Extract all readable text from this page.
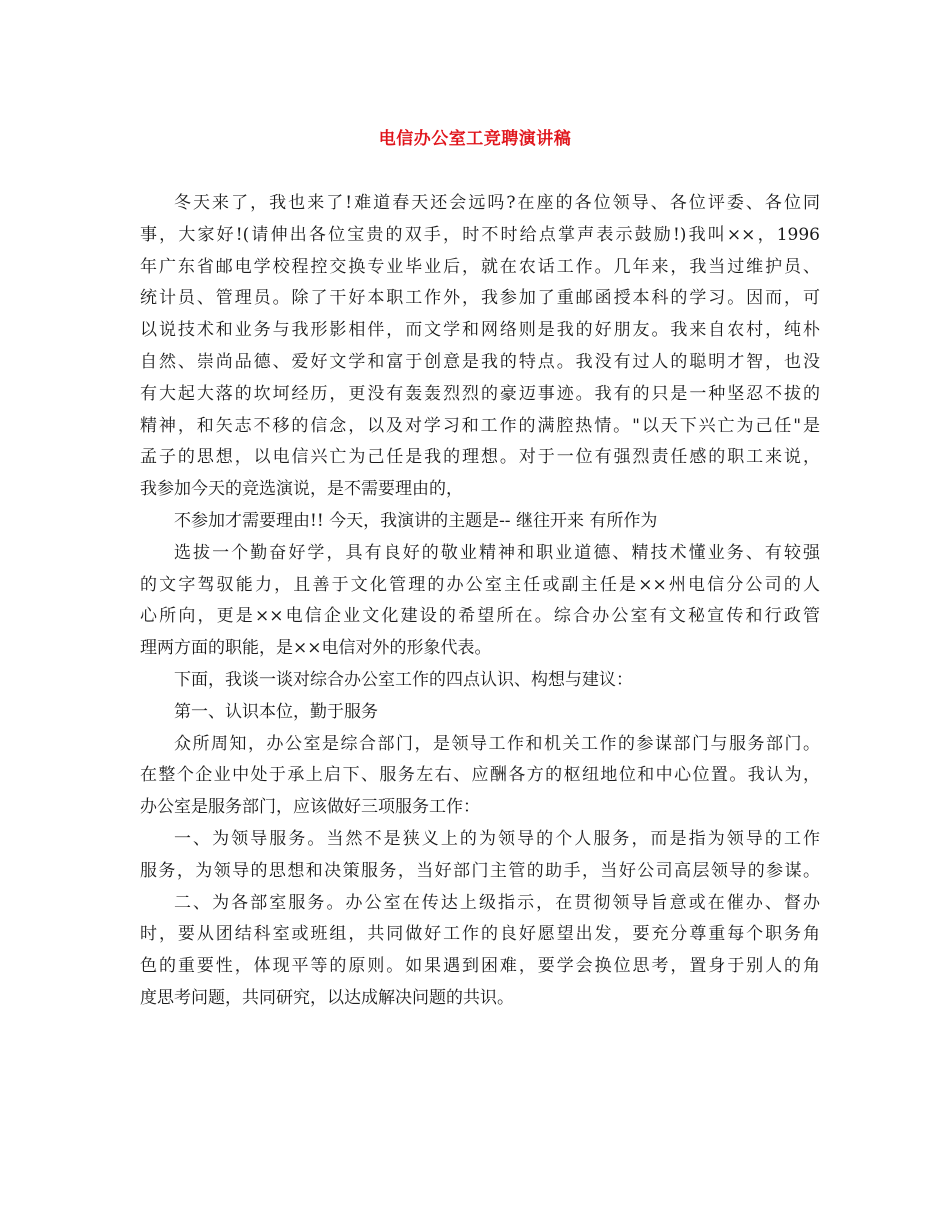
电信办公室工竞聘演讲稿
冬天来了，我也来了!难道春天还会远吗?在座的各位领导、各位评委、各位同
事，大家好!(请伸出各位宝贵的双手，时不时给点掌声表示鼓励!)我叫××，1996
年广东省邮电学校程控交换专业毕业后，就在农话工作。几年来，我当过维护员、
统计员、管理员。除了干好本职工作外，我参加了重邮函授本科的学习。因而，可
以说技术和业务与我形影相伴，而文学和网络则是我的好朋友。我来自农村，纯朴
自然、崇尚品德、爱好文学和富于创意是我的特点。我没有过人的聪明才智，也没
有大起大落的坎坷经历，更没有轰轰烈烈的豪迈事迹。我有的只是一种坚忍不拔的
精神，和矢志不移的信念，以及对学习和工作的满腔热情。"以天下兴亡为己任"是
孟子的思想，以电信兴亡为己任是我的理想。对于一位有强烈责任感的职工来说，
我参加今天的竞选演说，是不需要理由的，
不参加才需要理由!! 今天，我演讲的主题是-- 继往开来 有所作为
选拔一个勤奋好学，具有良好的敬业精神和职业道德、精技术懂业务、有较强
的文字驾驭能力，且善于文化管理的办公室主任或副主任是××州电信分公司的人
心所向，更是××电信企业文化建设的希望所在。综合办公室有文秘宣传和行政管
理两方面的职能，是××电信对外的形象代表。
下面，我谈一谈对综合办公室工作的四点认识、构想与建议：
第一、认识本位，勤于服务
众所周知，办公室是综合部门，是领导工作和机关工作的参谋部门与服务部门。
在整个企业中处于承上启下、服务左右、应酬各方的枢纽地位和中心位置。我认为，
办公室是服务部门，应该做好三项服务工作：
一、为领导服务。当然不是狭义上的为领导的个人服务，而是指为领导的工作
服务，为领导的思想和决策服务，当好部门主管的助手，当好公司高层领导的参谋。
二、为各部室服务。办公室在传达上级指示，在贯彻领导旨意或在催办、督办
时，要从团结科室或班组，共同做好工作的良好愿望出发，要充分尊重每个职务角
色的重要性，体现平等的原则。如果遇到困难，要学会换位思考，置身于别人的角
度思考问题，共同研究，以达成解决问题的共识。
